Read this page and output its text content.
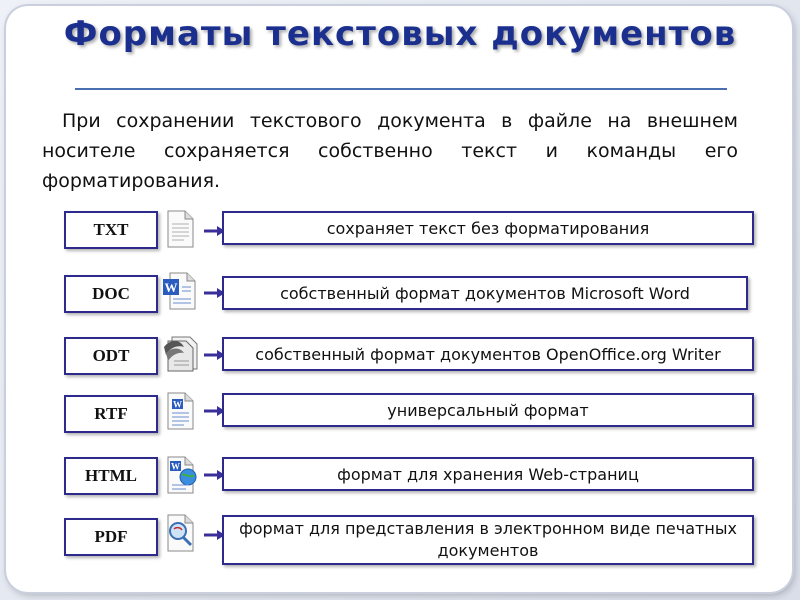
Форматы текстовых документов
При сохранении текстового документа в файле на внешнем носителе сохраняется собственно текст и команды его форматирования.
TXT	сохраняет текст без форматирования
DOC	W	собственный формат документов Microsoft Word
ODT	собственный формат документов OpenOffice.org Writer
RTF	W	универсальный формат
HTML	W	формат для хранения Web-страниц
PDF	формат для представления в электронном виде печатных документов
